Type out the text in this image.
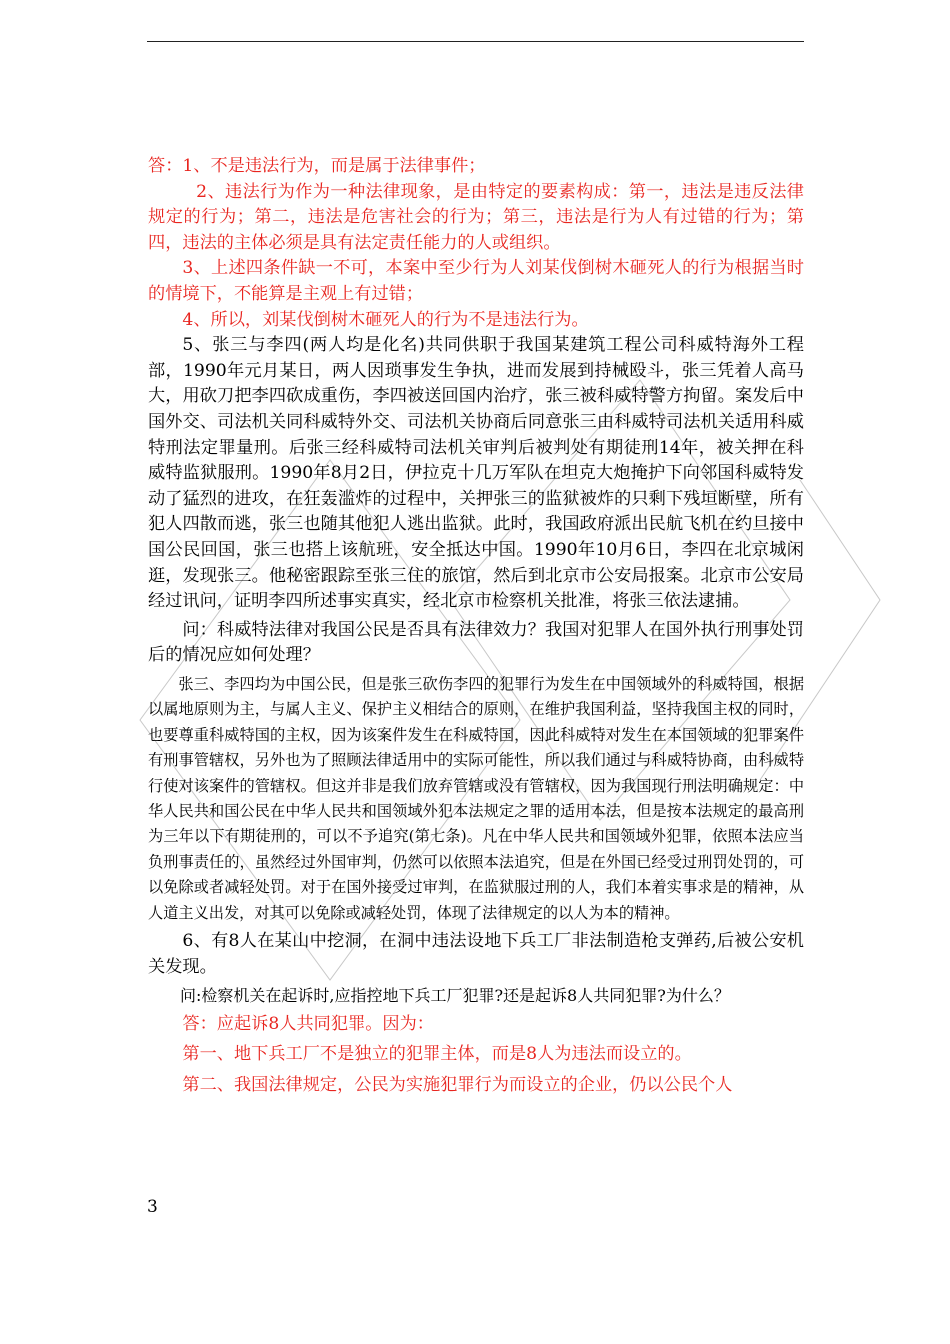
答：1、不是违法行为，而是属于法律事件；

2、违法行为作为一种法律现象，是由特定的要素构成：第一，违法是违反法律规定的行为；第二，违法是危害社会的行为；第三，违法是行为人有过错的行为；第四，违法的主体必须是具有法定责任能力的人或组织。

3、上述四条件缺一不可，本案中至少行为人刘某伐倒树木砸死人的行为根据当时的情境下，不能算是主观上有过错；

4、所以，刘某伐倒树木砸死人的行为不是违法行为。

5、张三与李四(两人均是化名)共同供职于我国某建筑工程公司科威特海外工程部，1990年元月某日，两人因琐事发生争执，进而发展到持械殴斗，张三凭着人高马大，用砍刀把李四砍成重伤，李四被送回国内治疗，张三被科威特警方拘留。案发后中国外交、司法机关同科威特外交、司法机关协商后同意张三由科威特司法机关适用科威特刑法定罪量刑。后张三经科威特司法机关审判后被判处有期徒刑14年，被关押在科威特监狱服刑。1990年8月2日，伊拉克十几万军队在坦克大炮掩护下向邻国科威特发动了猛烈的进攻，在狂轰滥炸的过程中，关押张三的监狱被炸的只剩下残垣断壁，所有犯人四散而逃，张三也随其他犯人逃出监狱。此时，我国政府派出民航飞机在约旦接中国公民回国，张三也搭上该航班，安全抵达中国。1990年10月6日，李四在北京城闲逛，发现张三。他秘密跟踪至张三住的旅馆，然后到北京市公安局报案。北京市公安局经过讯问，证明李四所述事实真实，经北京市检察机关批准，将张三依法逮捕。

问：科威特法律对我国公民是否具有法律效力？我国对犯罪人在国外执行刑事处罚后的情况应如何处理？

张三、李四均为中国公民，但是张三砍伤李四的犯罪行为发生在中国领域外的科威特国，根据以属地原则为主，与属人主义、保护主义相结合的原则，在维护我国利益，坚持我国主权的同时，也要尊重科威特国的主权，因为该案件发生在科威特国，因此科威特对发生在本国领域的犯罪案件有刑事管辖权，另外也为了照顾法律适用中的实际可能性，所以我们通过与科威特协商，由科威特行使对该案件的管辖权。但这并非是我们放弃管辖或没有管辖权，因为我国现行刑法明确规定：中华人民共和国公民在中华人民共和国领域外犯本法规定之罪的适用本法，但是按本法规定的最高刑为三年以下有期徒刑的，可以不予追究(第七条)。凡在中华人民共和国领域外犯罪，依照本法应当负刑事责任的，虽然经过外国审判，仍然可以依照本法追究，但是在外国已经受过刑罚处罚的，可以免除或者减轻处罚。对于在国外接受过审判，在监狱服过刑的人，我们本着实事求是的精神，从人道主义出发，对其可以免除或减轻处罚，体现了法律规定的以人为本的精神。

6、有8人在某山中挖洞，在洞中违法设地下兵工厂非法制造枪支弹药,后被公安机关发现。

问:检察机关在起诉时,应指控地下兵工厂犯罪?还是起诉8人共同犯罪?为什么？

答：应起诉8人共同犯罪。因为：

第一、地下兵工厂不是独立的犯罪主体，而是8人为违法而设立的。

第二、我国法律规定，公民为实施犯罪行为而设立的企业，仍以公民个人

3
